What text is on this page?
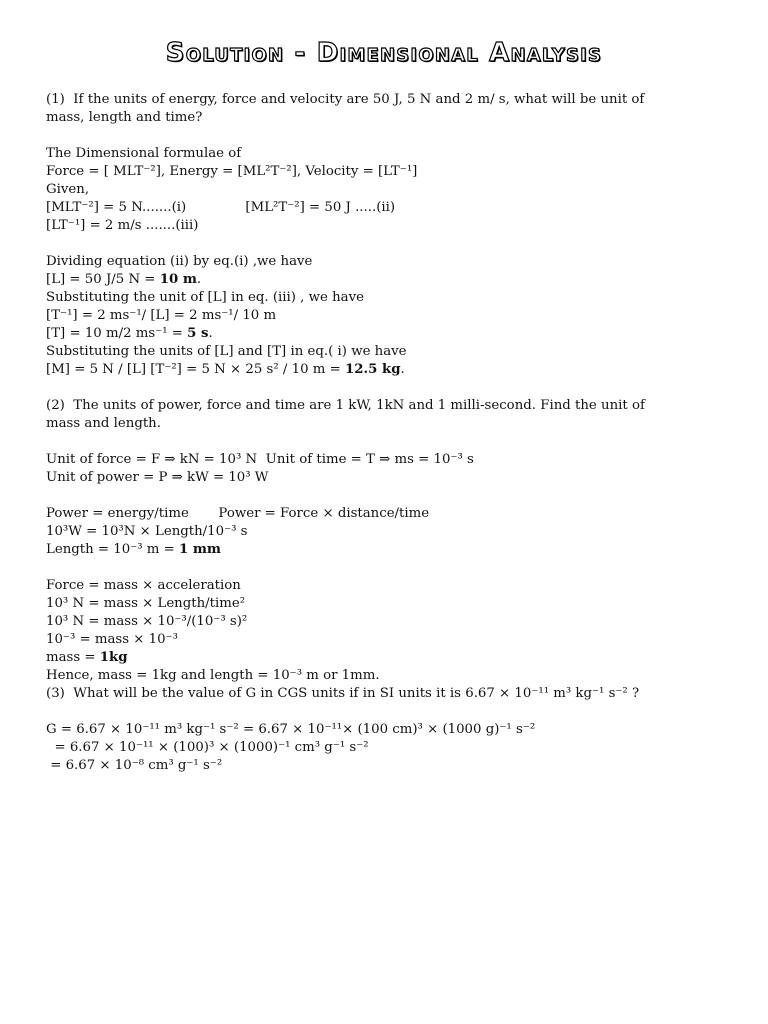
Solution - Dimensional Analysis
(1)  If the units of energy, force and velocity are 50 J, 5 N and 2 m/ s, what will be unit of
mass, length and time?
The Dimensional formulae of
Force = [ MLT⁻²], Energy = [ML²T⁻²], Velocity = [LT⁻¹]
Given,
[MLT⁻²] = 5 N.......(i)              [ML²T⁻²] = 50 J .....(ii)
[LT⁻¹] = 2 m/s .......(iii)
Dividing equation (ii) by eq.(i) ,we have
[L] = 50 J/5 N = 10 m.
Substituting the unit of [L] in eq. (iii) , we have
[T⁻¹] = 2 ms⁻¹/ [L] = 2 ms⁻¹/ 10 m
[T] = 10 m/2 ms⁻¹ = 5 s.
Substituting the units of [L] and [T] in eq.( i) we have
[M] = 5 N / [L] [T⁻²] = 5 N × 25 s² / 10 m = 12.5 kg.
(2)  The units of power, force and time are 1 kW, 1kN and 1 milli-second. Find the unit of
mass and length.
Unit of force = F ⇒ kN = 10³ N  Unit of time = T ⇒ ms = 10⁻³ s
Unit of power = P ⇒ kW = 10³ W
Power = energy/time       Power = Force × distance/time
10³W = 10³N × Length/10⁻³ s
Length = 10⁻³ m = 1 mm
Force = mass × acceleration
10³ N = mass × Length/time²
10³ N = mass × 10⁻³/(10⁻³ s)²
10⁻³ = mass × 10⁻³
mass = 1kg
Hence, mass = 1kg and length = 10⁻³ m or 1mm.
(3)  What will be the value of G in CGS units if in SI units it is 6.67 × 10⁻¹¹ m³ kg⁻¹ s⁻² ?
G = 6.67 × 10⁻¹¹ m³ kg⁻¹ s⁻² = 6.67 × 10⁻¹¹× (100 cm)³ × (1000 g)⁻¹ s⁻²
= 6.67 × 10⁻¹¹ × (100)³ × (1000)⁻¹ cm³ g⁻¹ s⁻²
= 6.67 × 10⁻⁸ cm³ g⁻¹ s⁻²
